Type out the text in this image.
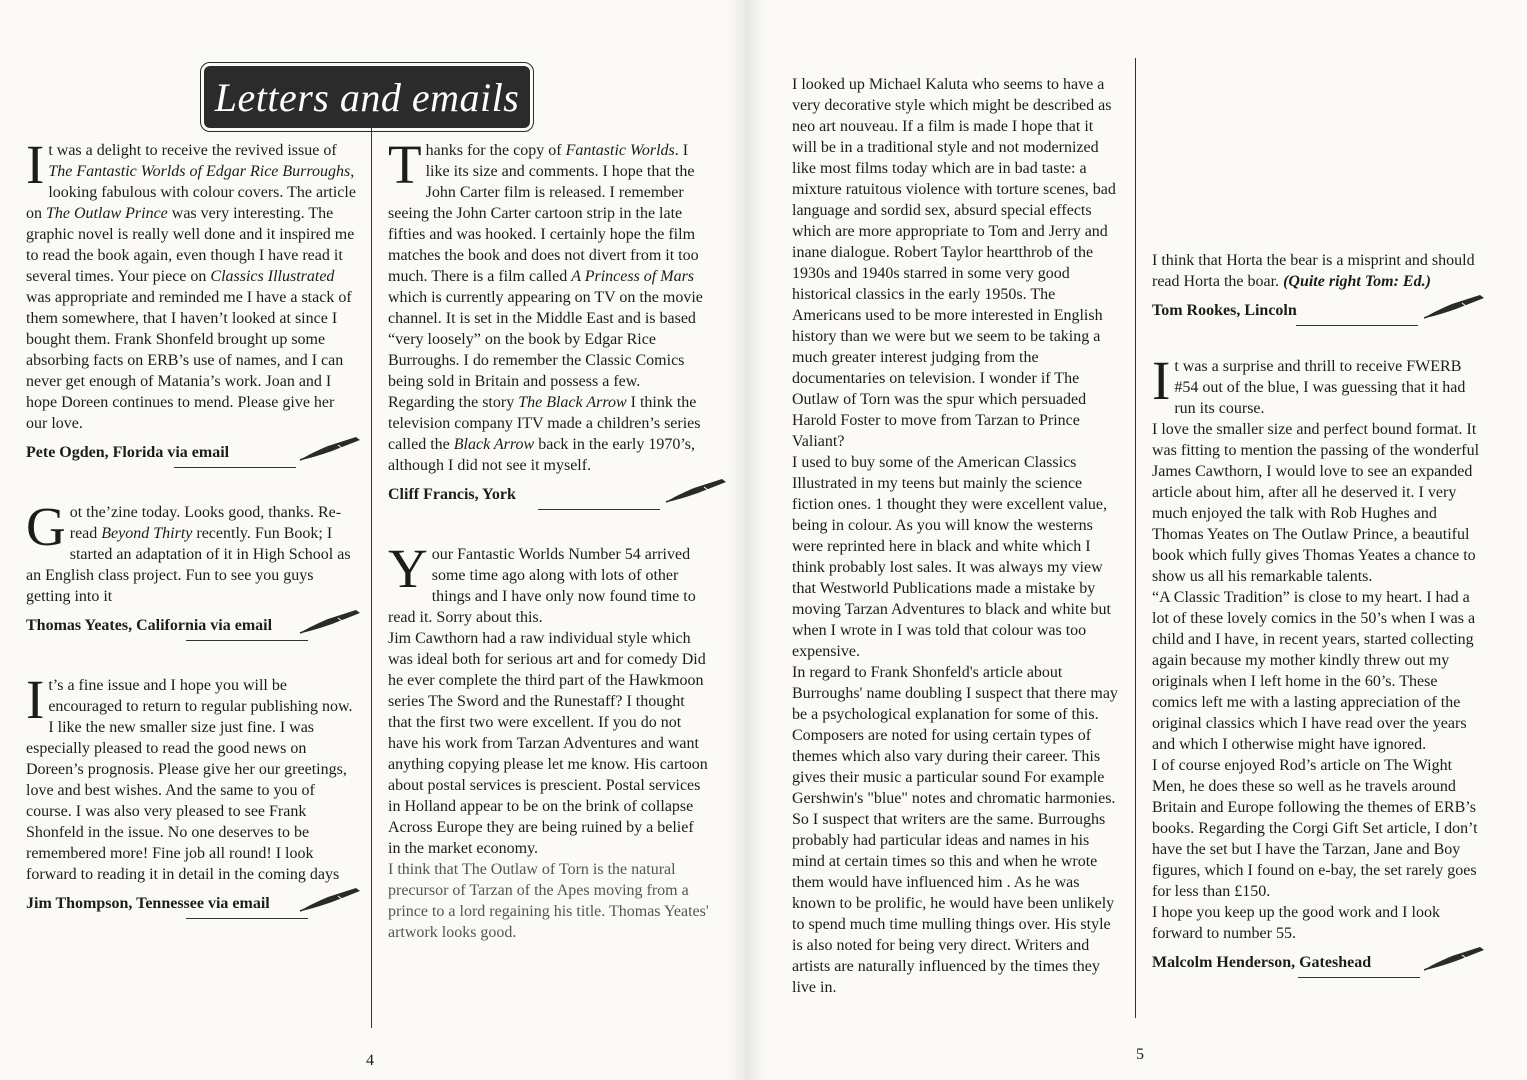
Letters and emails

It was a delight to receive the revived issue of The Fantastic Worlds of Edgar Rice Burroughs, looking fabulous with colour covers. The article on The Outlaw Prince was very interesting. The graphic novel is really well done and it inspired me to read the book again, even though I have read it several times. Your piece on Classics Illustrated was appropriate and reminded me I have a stack of them somewhere, that I haven’t looked at since I bought them. Frank Shonfeld brought up some absorbing facts on ERB’s use of names, and I can never get enough of Matania’s work. Joan and I hope Doreen continues to mend. Please give her our love.

Pete Ogden, Florida via email

Got the’zine today. Looks good, thanks. Re-read Beyond Thirty recently. Fun Book; I started an adaptation of it in High School as an English class project. Fun to see you guys getting into it

Thomas Yeates, California via email

It’s a fine issue and I hope you will be encouraged to return to regular publishing now. I like the new smaller size just fine. I was especially pleased to read the good news on Doreen’s prognosis. Please give her our greetings, love and best wishes. And the same to you of course. I was also very pleased to see Frank Shonfeld in the issue. No one deserves to be remembered more! Fine job all round! I look forward to reading it in detail in the coming days

Jim Thompson, Tennessee via email

Thanks for the copy of Fantastic Worlds. I like its size and comments. I hope that the John Carter film is released. I remember seeing the John Carter cartoon strip in the late fifties and was hooked. I certainly hope the film matches the book and does not divert from it too much. There is a film called A Princess of Mars which is currently appearing on TV on the movie channel. It is set in the Middle East and is based “very loosely” on the book by Edgar Rice Burroughs. I do remember the Classic Comics being sold in Britain and possess a few. Regarding the story The Black Arrow I think the television company ITV made a children’s series called the Black Arrow back in the early 1970’s, although I did not see it myself.

Cliff Francis, York

Your Fantastic Worlds Number 54 arrived some time ago along with lots of other things and I have only now found time to read it. Sorry about this.

Jim Cawthorn had a raw individual style which was ideal both for serious art and for comedy Did he ever complete the third part of the Hawkmoon series The Sword and the Runestaff? I thought that the first two were excellent. If you do not have his work from Tarzan Adventures and want anything copying please let me know. His cartoon about postal services is prescient. Postal services in Holland appear to be on the brink of collapse Across Europe they are being ruined by a belief in the market economy.

I think that The Outlaw of Torn is the natural precursor of Tarzan of the Apes moving from a prince to a lord regaining his title. Thomas Yeates' artwork looks good.

I looked up Michael Kaluta who seems to have a very decorative style which might be described as neo art nouveau. If a film is made I hope that it will be in a traditional style and not modernized like most films today which are in bad taste: a mixture ratuitous violence with torture scenes, bad language and sordid sex, absurd special effects which are more appropriate to Tom and Jerry and inane dialogue. Robert Taylor heartthrob of the 1930s and 1940s starred in some very good historical classics in the early 1950s. The Americans used to be more interested in English history than we were but we seem to be taking a much greater interest judging from the documentaries on television. I wonder if The Outlaw of Torn was the spur which persuaded Harold Foster to move from Tarzan to Prince Valiant?

I used to buy some of the American Classics Illustrated in my teens but mainly the science fiction ones. 1 thought they were excellent value, being in colour. As you will know the westerns were reprinted here in black and white which I think probably lost sales. It was always my view that Westworld Publications made a mistake by moving Tarzan Adventures to black and white but when I wrote in I was told that colour was too expensive.

In regard to Frank Shonfeld's article about Burroughs' name doubling I suspect that there may be a psychological explanation for some of this. Composers are noted for using certain types of themes which also vary during their career. This gives their music a particular sound For example Gershwin's "blue" notes and chromatic harmonies. So I suspect that writers are the same. Burroughs probably had particular ideas and names in his mind at certain times so this and when he wrote them would have influenced him . As he was known to be prolific, he would have been unlikely to spend much time mulling things over. His style is also noted for being very direct. Writers and artists are naturally influenced by the times they live in.

I think that Horta the bear is a misprint and should read Horta the boar. (Quite right Tom: Ed.)

Tom Rookes, Lincoln

It was a surprise and thrill to receive FWERB #54 out of the blue, I was guessing that it had run its course.

I love the smaller size and perfect bound format. It was fitting to mention the passing of the wonderful James Cawthorn, I would love to see an expanded article about him, after all he deserved it. I very much enjoyed the talk with Rob Hughes and Thomas Yeates on The Outlaw Prince, a beautiful book which fully gives Thomas Yeates a chance to show us all his remarkable talents.

“A Classic Tradition” is close to my heart. I had a lot of these lovely comics in the 50’s when I was a child and I have, in recent years, started collecting again because my mother kindly threw out my originals when I left home in the 60’s. These comics left me with a lasting appreciation of the original classics which I have read over the years and which I otherwise might have ignored.

I of course enjoyed Rod’s article on The Wight Men, he does these so well as he travels around Britain and Europe following the themes of ERB’s books. Regarding the Corgi Gift Set article, I don’t have the set but I have the Tarzan, Jane and Boy figures, which I found on e-bay, the set rarely goes for less than £150.

I hope you keep up the good work and I look forward to number 55.

Malcolm Henderson, Gateshead

4	5
